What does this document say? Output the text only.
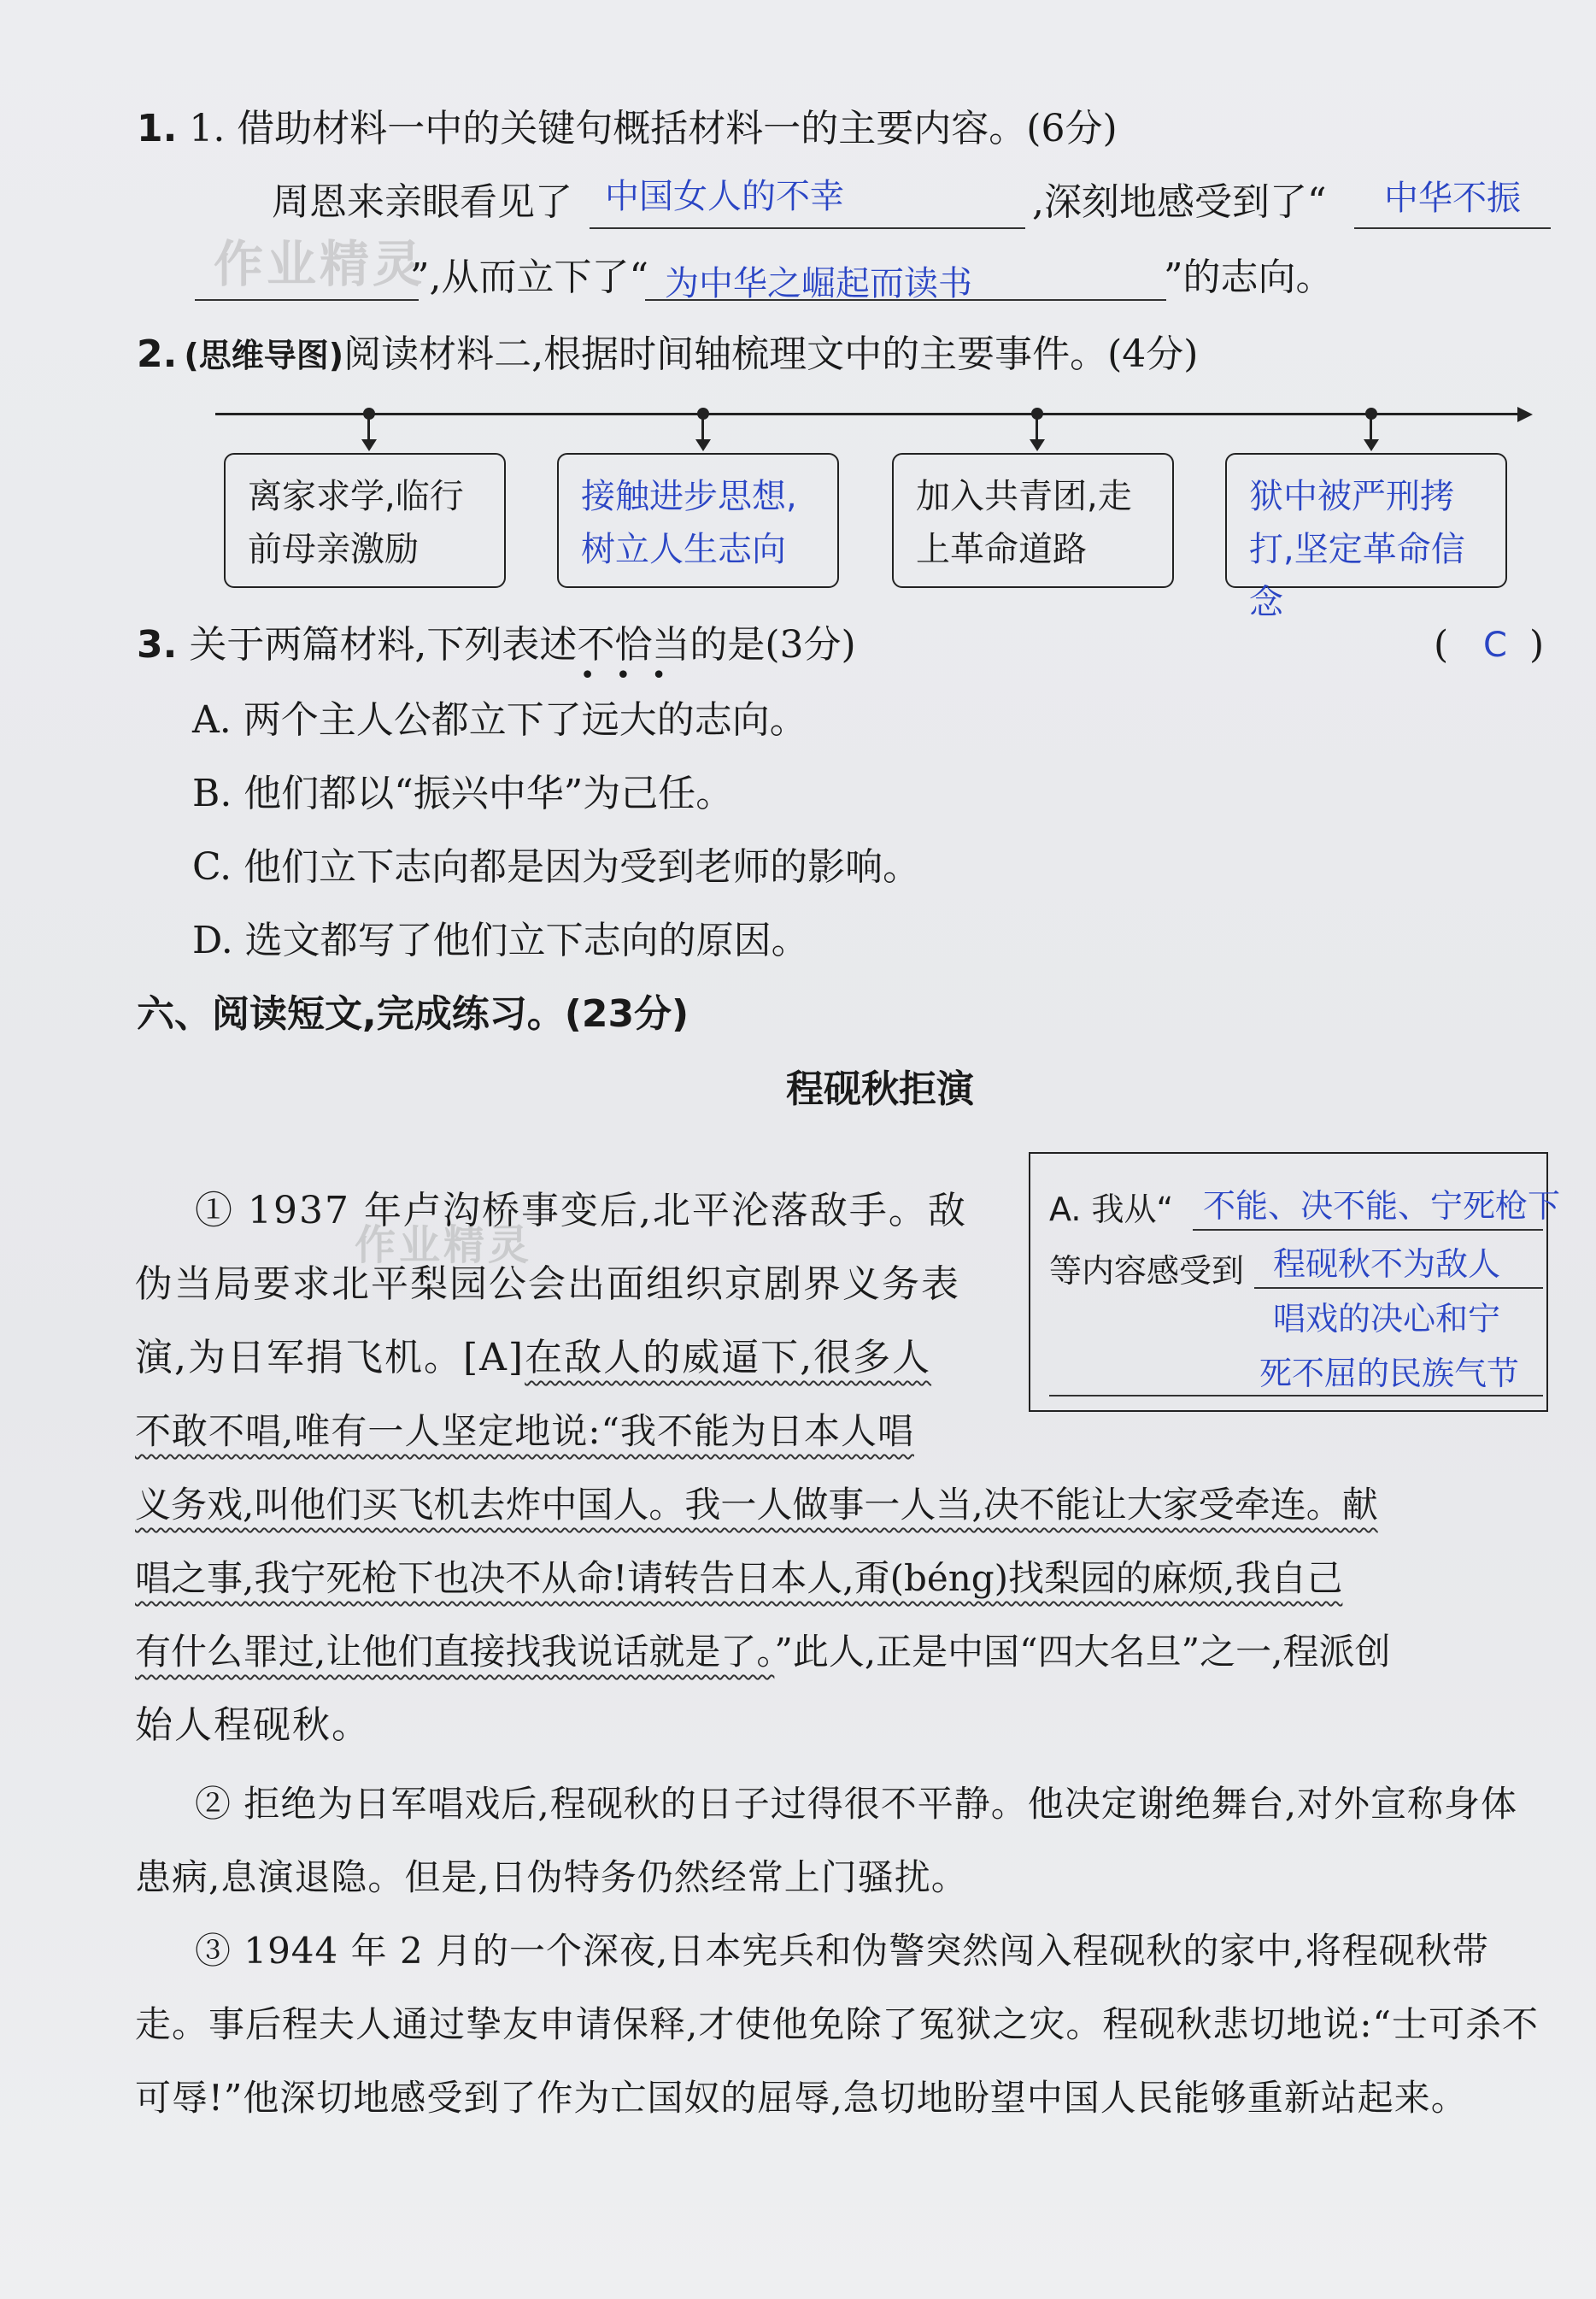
作业精灵
作业精灵
1. 1. 借助材料一中的关键句概括材料一的主要内容。(6分)
周恩来亲眼看见了 中国女人的不幸	,深刻地感受到了“ 中华不振
”,从而立下了“ 为中华之崛起而读书	”的志向。
2. (思维导图)阅读材料二,根据时间轴梳理文中的主要事件。(4分)
离家求学,临行前母亲激励
接触进步思想,树立人生志向
加入共青团,走上革命道路
狱中被严刑拷打,坚定革命信念
3. 关于两篇材料,下列表述不恰当
•••
的是(3分)	( C )
A. 两个主人公都立下了远大的志向。
B. 他们都以“振兴中华”为己任。
C. 他们立下志向都是因为受到老师的影响。
D. 选文都写了他们立下志向的原因。
六、阅读短文,完成练习。(23分)
程砚秋拒演
A. 我从“ 不能、决不能、宁死枪下
等内容感受到 程砚秋不为敌人
唱戏的决心和宁
死不屈的民族气节
① 1937 年卢沟桥事变后,北平沦落敌手。敌
伪当局要求北平梨园公会出面组织京剧界义务表
演,为日军捐飞机。[A]在敌人的威逼下,很多人
不敢不唱,唯有一人坚定地说:“我不能为日本人唱
义务戏,叫他们买飞机去炸中国人。我一人做事一人当,决不能让大家受牵连。献
唱之事,我宁死枪下也决不从命!请转告日本人,甭(béng)找梨园的麻烦,我自己
有什么罪过,让他们直接找我说话就是了。”此人,正是中国“四大名旦”之一,程派创
始人程砚秋。
② 拒绝为日军唱戏后,程砚秋的日子过得很不平静。他决定谢绝舞台,对外宣称身体患病,息演退隐。但是,日伪特务仍然经常上门骚扰。
③ 1944 年 2 月的一个深夜,日本宪兵和伪警突然闯入程砚秋的家中,将程砚秋带走。事后程夫人通过挚友申请保释,才使他免除了冤狱之灾。程砚秋悲切地说:“士可杀不可辱!”他深切地感受到了作为亡国奴的屈辱,急切地盼望中国人民能够重新站起来。
